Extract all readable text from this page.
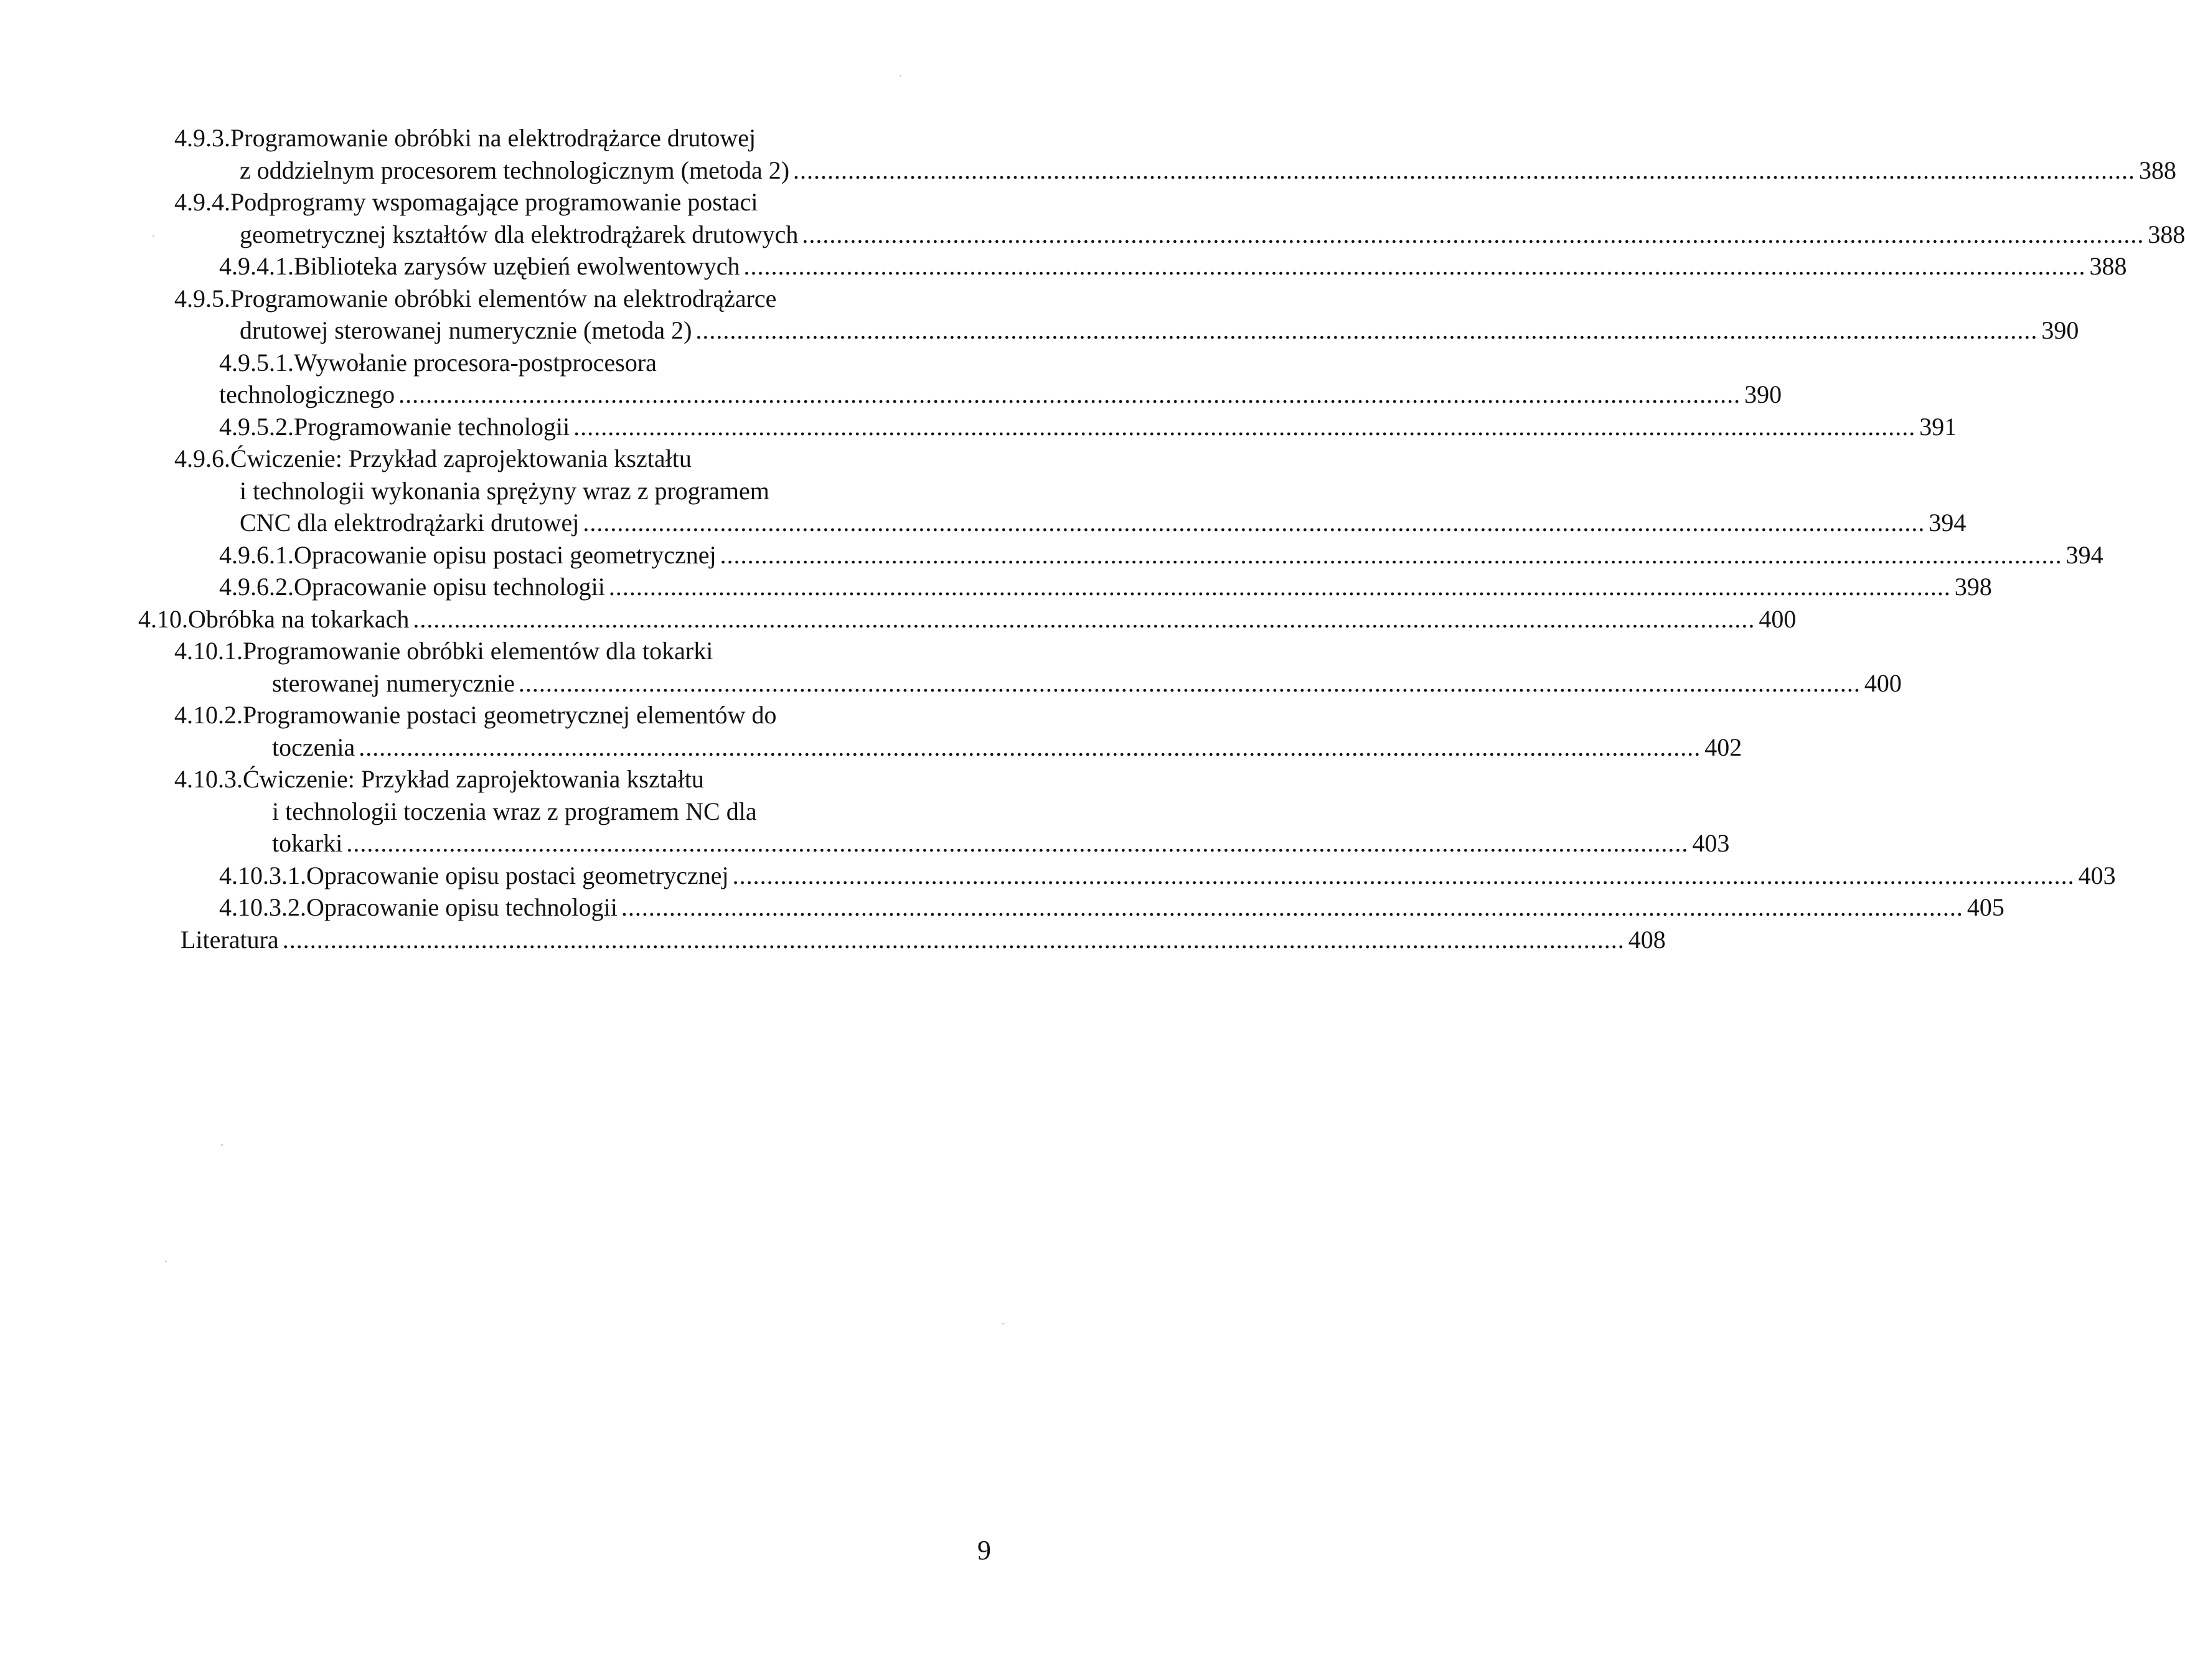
4.9.3. Programowanie obróbki na elektrodrążarce drutowej
z oddzielnym procesorem technologicznym (metoda 2) .................................................................................................................................................................................................... 388
4.9.4. Podprogramy wspomagające programowanie postaci
geometrycznej kształtów dla elektrodrążarek drutowych .................................................................................................................................................................................................... 388
4.9.4.1. Biblioteka zarysów uzębień ewolwentowych .................................................................................................................................................................................................... 388
4.9.5. Programowanie obróbki elementów na elektrodrążarce
drutowej sterowanej numerycznie (metoda 2) .................................................................................................................................................................................................... 390
4.9.5.1. Wywołanie procesora-postprocesora
technologicznego .................................................................................................................................................................................................... 390
4.9.5.2. Programowanie technologii .................................................................................................................................................................................................... 391
4.9.6. Ćwiczenie: Przykład zaprojektowania kształtu
i technologii wykonania sprężyny wraz z programem
CNC dla elektrodrążarki drutowej .................................................................................................................................................................................................... 394
4.9.6.1. Opracowanie opisu postaci geometrycznej .................................................................................................................................................................................................... 394
4.9.6.2. Opracowanie opisu technologii .................................................................................................................................................................................................... 398
4.10. Obróbka na tokarkach .................................................................................................................................................................................................... 400
4.10.1. Programowanie obróbki elementów dla tokarki
sterowanej numerycznie .................................................................................................................................................................................................... 400
4.10.2. Programowanie postaci geometrycznej elementów do
toczenia .................................................................................................................................................................................................... 402
4.10.3. Ćwiczenie: Przykład zaprojektowania kształtu
i technologii toczenia wraz z programem NC dla
tokarki .................................................................................................................................................................................................... 403
4.10.3.1. Opracowanie opisu postaci geometrycznej .................................................................................................................................................................................................... 403
4.10.3.2. Opracowanie opisu technologii .................................................................................................................................................................................................... 405
Literatura .................................................................................................................................................................................................... 408
9
